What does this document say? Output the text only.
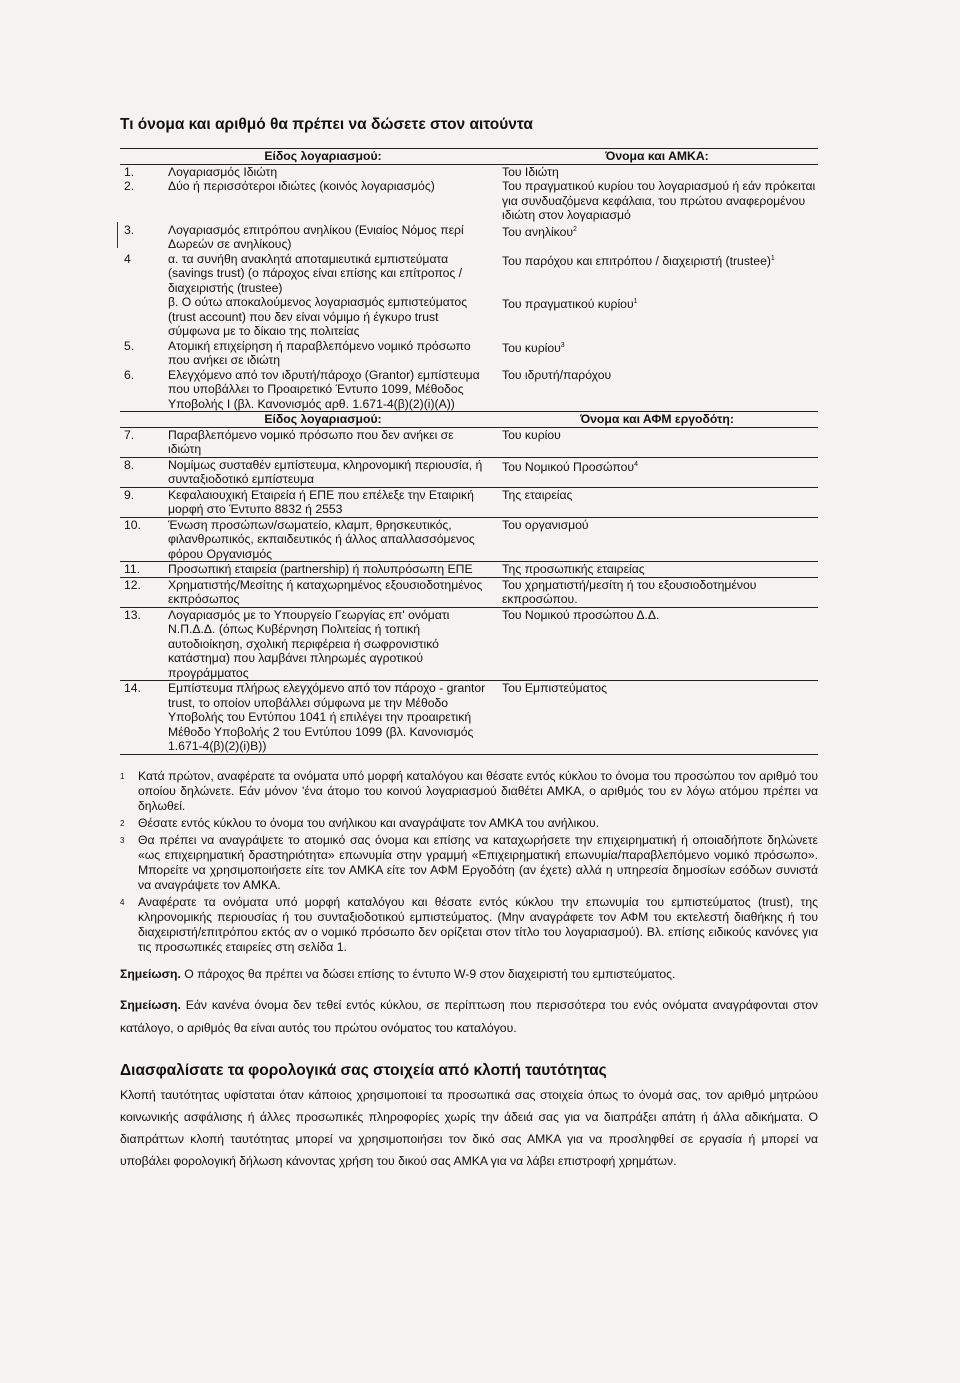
Τι όνομα και αριθμό θα πρέπει να δώσετε στον αιτούντα
Είδος λογαριασμού:		Όνομα και ΑΜΚΑ:
1.	Λογαριασμός Ιδιώτη	Του Ιδιώτη
2.	Δύο ή περισσότεροι ιδιώτες (κοινός λογαριασμός)	Του πραγματικού κυρίου του λογαριασμού ή εάν πρόκειται για συνδυαζόμενα κεφάλαια, του πρώτου αναφερομένου ιδιώτη στον λογαριασμό
3.	Λογαριασμός επιτρόπου ανηλίκου (Ενιαίος Νόμος περί Δωρεών σε ανηλίκους)	Του ανηλίκου$^2$
4	α. τα συνήθη ανακλητά αποταμιευτικά εμπιστεύματα (savings trust) (ο πάροχος είναι επίσης και επίτροπος / διαχειριστής (trustee)	Του παρόχου και επιτρόπου / διαχειριστή (trustee)$^1$
	β. Ο ούτω αποκαλούμενος λογαριασμός εμπιστεύματος (trust account) που δεν είναι νόμιμο ή έγκυρο trust σύμφωνα με το δίκαιο της πολιτείας	Του πραγματικού κυρίου$^1$
5.	Ατομική επιχείρηση ή παραβλεπόμενο νομικό πρόσωπο που ανήκει σε ιδιώτη	Του κυρίου$^3$
6.	Ελεγχόμενο από τον ιδρυτή/πάροχο (Grantor) εμπίστευμα που υποβάλλει το Προαιρετικό Έντυπο 1099, Μέθοδος Υποβολής Ι (βλ. Κανονισμός αρθ. 1.671-4(β)(2)(i)(A))	Του ιδρυτή/παρόχου
Είδος λογαριασμού:		Όνομα και ΑΦΜ εργοδότη:
7.	Παραβλεπόμενο νομικό πρόσωπο που δεν ανήκει σε ιδιώτη	Του κυρίου
8.	Νομίμως συσταθέν εμπίστευμα, κληρονομική περιουσία, ή συνταξιοδοτικό εμπίστευμα	Του Νομικού Προσώπου$^4$
9.	Κεφαλαιουχική Εταιρεία ή ΕΠΕ που επέλεξε την Εταιρική μορφή στο Έντυπο 8832 ή 2553	Της εταιρείας
10.	Ένωση προσώπων/σωματείο, κλαμπ, θρησκευτικός, φιλανθρωπικός, εκπαιδευτικός ή άλλος απαλλασσόμενος φόρου Οργανισμός	Του οργανισμού
11.	Προσωπική εταιρεία (partnership) ή πολυπρόσωπη ΕΠΕ	Της προσωπικής εταιρείας
12.	Χρηματιστής/Μεσίτης ή καταχωρημένος εξουσιοδοτημένος εκπρόσωπος	Του χρηματιστή/μεσίτη ή του εξουσιοδοτημένου εκπροσώπου.
13.	Λογαριασμός με το Υπουργείο Γεωργίας επ' ονόματι Ν.Π.Δ.Δ. (όπως Κυβέρνηση Πολιτείας ή τοπική αυτοδιοίκηση, σχολική περιφέρεια ή σωφρονιστικό κατάστημα) που λαμβάνει πληρωμές αγροτικού προγράμματος	Του Νομικού προσώπου Δ.Δ.
14.	Εμπίστευμα πλήρως ελεγχόμενο από τον πάροχο - grantor trust, το οποίον υποβάλλει σύμφωνα με την Μέθοδο Υποβολής του Εντύπου 1041 ή επιλέγει την προαιρετική Μέθοδο Υποβολής 2 του Εντύπου 1099 (βλ. Κανονισμός 1.671-4(β)(2)(i)B))	Του Εμπιστεύματος
1	Κατά πρώτον, αναφέρατε τα ονόματα υπό μορφή καταλόγου και θέσατε εντός κύκλου το όνομα του προσώπου τον αριθμό του οποίου δηλώνετε. Εάν μόνον 'ένα άτομο του κοινού λογαριασμού διαθέτει ΑΜΚΑ, ο αριθμός του εν λόγω ατόμου πρέπει να δηλωθεί.
2	Θέσατε εντός κύκλου το όνομα του ανήλικου και αναγράψατε τον ΑΜΚΑ του ανήλικου.
3	Θα πρέπει να αναγράψετε το ατομικό σας όνομα και επίσης να καταχωρήσετε την επιχειρηματική ή οποιαδήποτε δηλώνετε «ως επιχειρηματική δραστηριότητα» επωνυμία στην γραμμή «Επιχειρηματική επωνυμία/παραβλεπόμενο νομικό πρόσωπο». Μπορείτε να χρησιμοποιήσετε είτε τον ΑΜΚΑ είτε τον ΑΦΜ Εργοδότη (αν έχετε) αλλά η υπηρεσία δημοσίων εσόδων συνιστά να αναγράψετε τον ΑΜΚΑ.
4	Αναφέρατε τα ονόματα υπό μορφή καταλόγου και θέσατε εντός κύκλου την επωνυμία του εμπιστεύματος (trust), της κληρονομικής περιουσίας ή του συνταξιοδοτικού εμπιστεύματος. (Μην αναγράφετε τον ΑΦΜ του εκτελεστή διαθήκης ή του διαχειριστή/επιτρόπου εκτός αν ο νομικό πρόσωπο δεν ορίζεται στον τίτλο του λογαριασμού). Βλ. επίσης ειδικούς κανόνες για τις προσωπικές εταιρείες στη σελίδα 1.
Σημείωση. Ο πάροχος θα πρέπει να δώσει επίσης το έντυπο W-9 στον διαχειριστή του εμπιστεύματος.
Σημείωση. Εάν κανένα όνομα δεν τεθεί εντός κύκλου, σε περίπτωση που περισσότερα του ενός ονόματα αναγράφονται στον κατάλογο, ο αριθμός θα είναι αυτός του πρώτου ονόματος του καταλόγου.
Διασφαλίσατε τα φορολογικά σας στοιχεία από κλοπή ταυτότητας
Κλοπή ταυτότητας υφίσταται όταν κάποιος χρησιμοποιεί τα προσωπικά σας στοιχεία όπως το όνομά σας, τον αριθμό μητρώου κοινωνικής ασφάλισης ή άλλες προσωπικές πληροφορίες χωρίς την άδειά σας για να διαπράξει απάτη ή άλλα αδικήματα. Ο διαπράττων κλοπή ταυτότητας μπορεί να χρησιμοποιήσει τον δικό σας ΑΜΚΑ για να προσληφθεί σε εργασία ή μπορεί να υποβάλει φορολογική δήλωση κάνοντας χρήση του δικού σας ΑΜΚΑ για να λάβει επιστροφή χρημάτων.
